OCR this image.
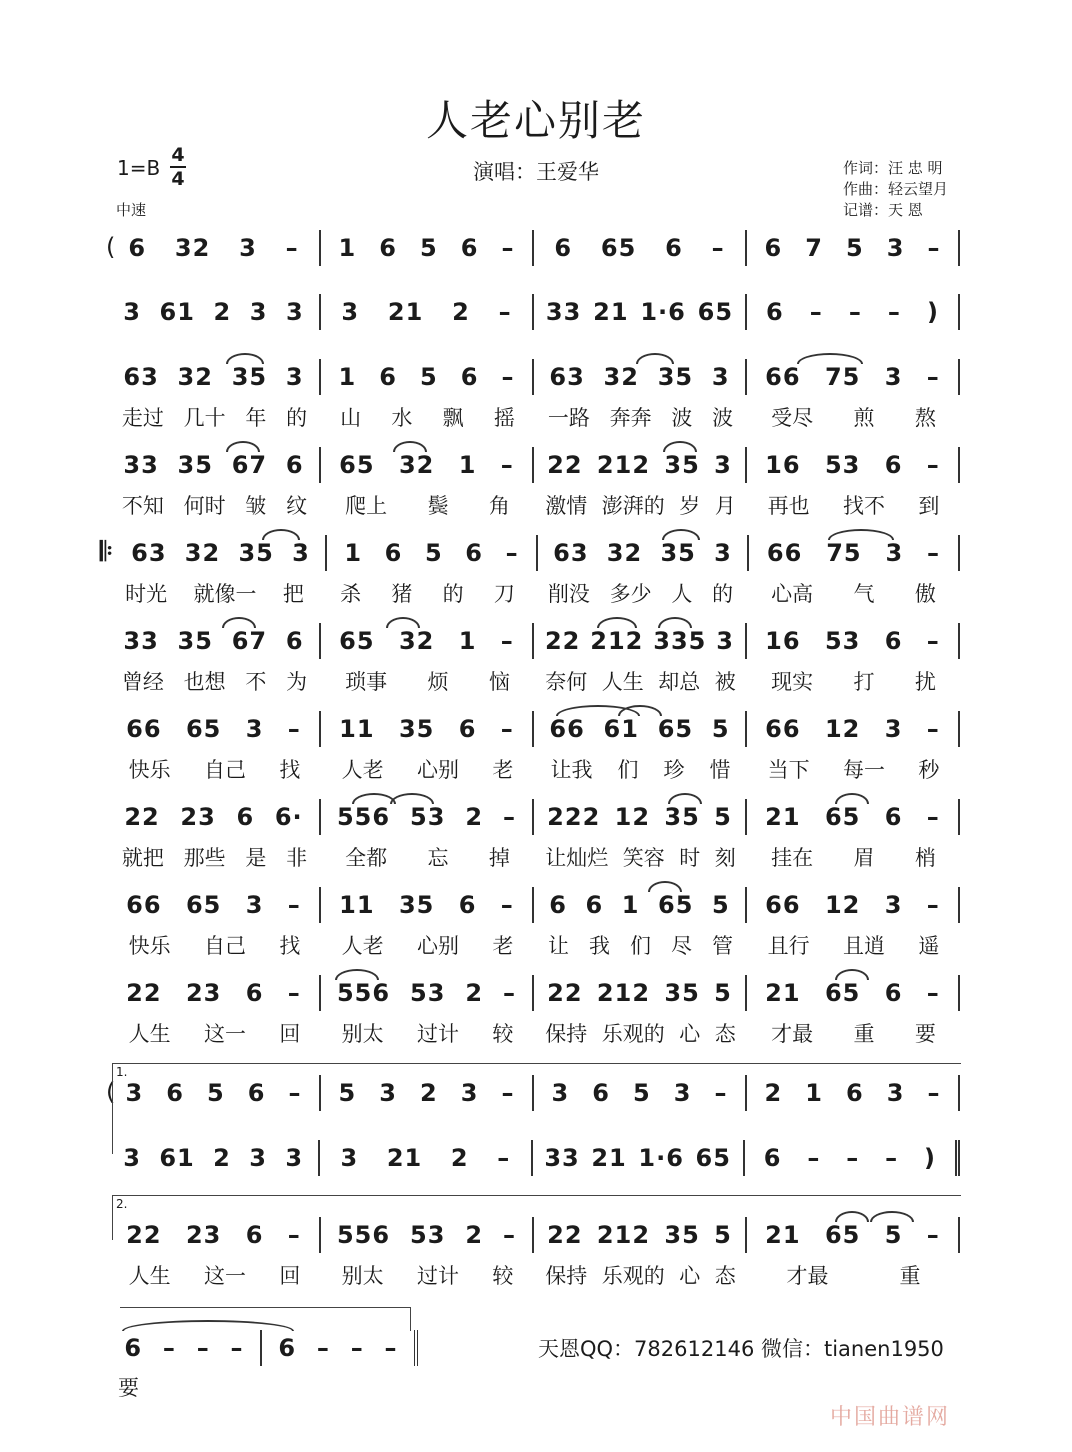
人老心别老
1=B
4
4
中速
演唱：王爱华	作词：汪 忠 明
作曲：轻云望月
记谱：天 恩
( 6 32 3 – 1 6 5 6 – 6 65 6 – 6 7 5 3 –
3 61 2 3 3 3 21 2 – 33 21 1·6 65 6 – – – )
63 32 35 3 1 6 5 6 – 63 32 35 3 66 75 3 –
33 35 67 6 65 32 1 – 22 212 35 3 16 53 6 –
𝄆 63 32 35 3 1 6 5 6 – 63 32 35 3 66 75 3 –
33 35 67 6 65 32 1 – 22 212 335 3 16 53 6 –
66 65 3 – 11 35 6 – 66 61 65 5 66 12 3 –
22 23 6 6· 556 53 2 – 222 12 35 5 21 65 6 –
66 65 3 – 11 35 6 – 6 6 1 65 5 66 12 3 –
22 23 6 – 556 53 2 – 22 212 35 5 21 65 6 –
( 3 6 5 6 – 5 3 2 3 – 3 6 5 3 – 2 1 6 3 –
3 61 2 3 3 3 21 2 – 33 21 1·6 65 6 – – – )
22 23 6 – 556 53 2 – 22 212 35 5 21 65 5 –
走过 几十 年 的 山 水 飘 摇 一路 奔奔 波 波 受尽 煎 熬
不知 何时 皱 纹 爬上 鬓 角 激情 澎湃的 岁 月 再也 找不 到
时光 就像一 把 杀 猪 的 刀 削没 多少 人 的 心高 气 傲
曾经 也想 不 为 琐事 烦 恼 奈何 人生 却总 被 现实 打 扰
快乐 自己 找 人老 心别 老 让我 们 珍 惜 当下 每一 秒
就把 那些 是 非 全都 忘 掉 让灿烂 笑容 时 刻 挂在 眉 梢
快乐 自己 找 人老 心别 老 让 我 们 尽 管 且行 且逍 遥
人生 这一 回 别太 过计 较 保持 乐观的 心 态 才最 重 要
人生 这一 回 别太 过计 较 保持 乐观的 心 态 才最	重
1.
2.
6 – – – 6 – – –
要
天恩QQ：782612146 微信：tianen1950
中国曲谱网
